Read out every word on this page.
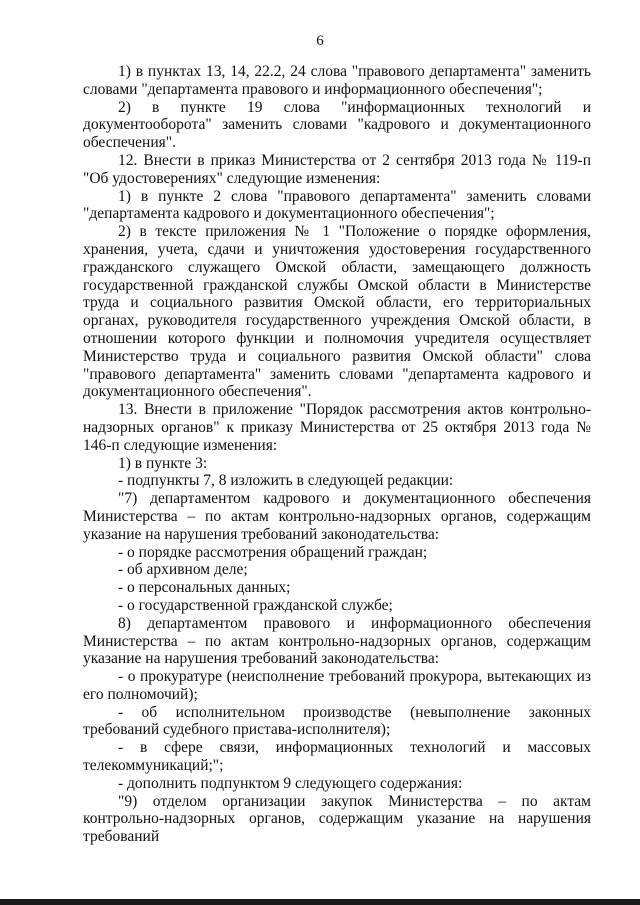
6

1) в пунктах 13, 14, 22.2, 24 слова "правового департамента" заменить словами "департамента правового и информационного обеспечения";

2) в пункте 19 слова "информационных технологий и документооборота" заменить словами "кадрового и документационного обеспечения".

12. Внести в приказ Министерства от 2 сентября 2013 года № 119-п "Об удостоверениях" следующие изменения:

1) в пункте 2 слова "правового департамента" заменить словами "департамента кадрового и документационного обеспечения";

2) в тексте приложения № 1 "Положение о порядке оформления, хранения, учета, сдачи и уничтожения удостоверения государственного гражданского служащего Омской области, замещающего должность государственной гражданской службы Омской области в Министерстве труда и социального развития Омской области, его территориальных органах, руководителя государственного учреждения Омской области, в отношении которого функции и полномочия учредителя осуществляет Министерство труда и социального развития Омской области" слова "правового департамента" заменить словами "департамента кадрового и документационного обеспечения".

13. Внести в приложение "Порядок рассмотрения актов контрольно-надзорных органов" к приказу Министерства от 25 октября 2013 года № 146-п следующие изменения:

1) в пункте 3:

- подпункты 7, 8 изложить в следующей редакции:

"7) департаментом кадрового и документационного обеспечения Министерства – по актам контрольно-надзорных органов, содержащим указание на нарушения требований законодательства:

- о порядке рассмотрения обращений граждан;

- об архивном деле;

- о персональных данных;

- о государственной гражданской службе;

8) департаментом правового и информационного обеспечения Министерства – по актам контрольно-надзорных органов, содержащим указание на нарушения требований законодательства:

- о прокуратуре (неисполнение требований прокурора, вытекающих из его полномочий);

- об исполнительном производстве (невыполнение законных требований судебного пристава-исполнителя);

- в сфере связи, информационных технологий и массовых телекоммуникаций;";

- дополнить подпунктом 9 следующего содержания:

"9) отделом организации закупок Министерства – по актам контрольно-надзорных органов, содержащим указание на нарушения требований
